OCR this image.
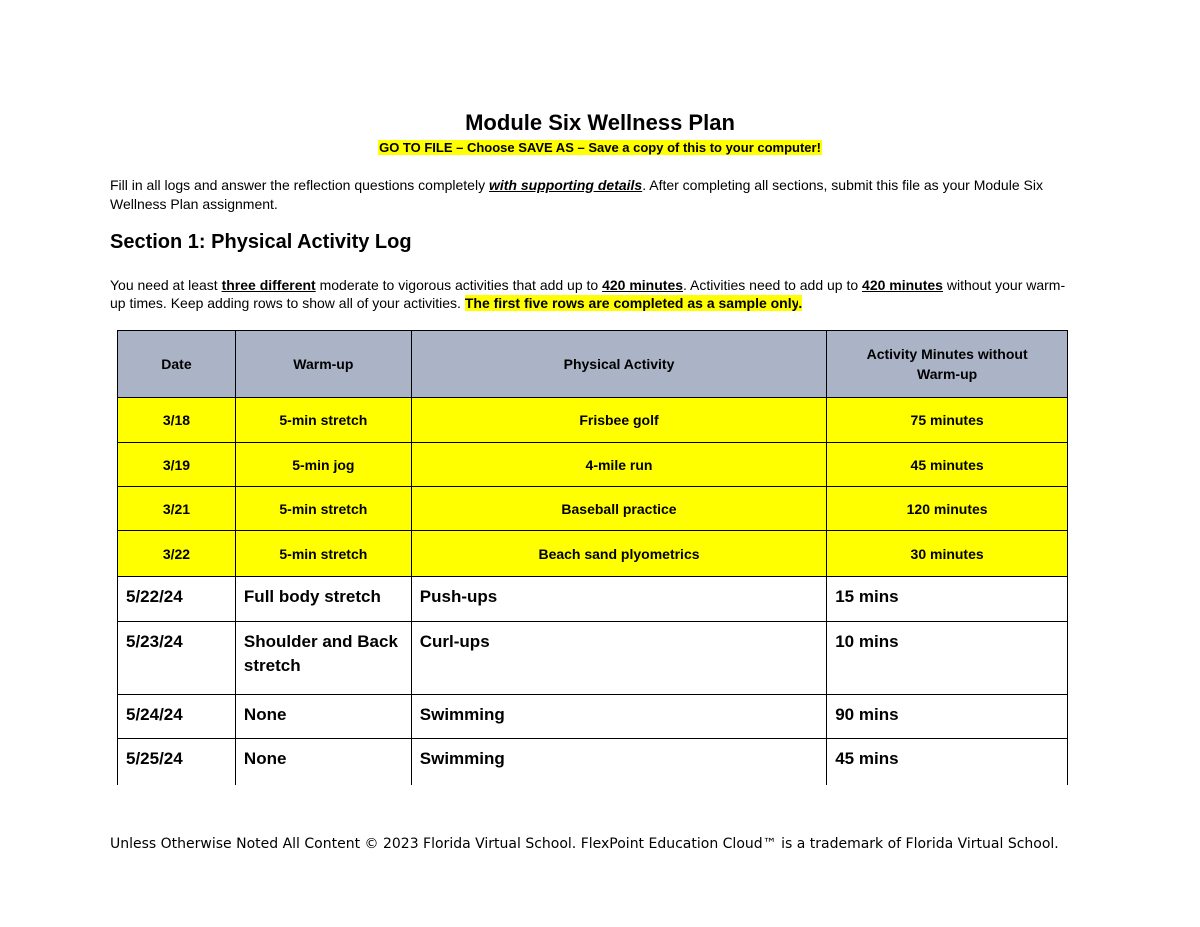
Module Six Wellness Plan
GO TO FILE – Choose SAVE AS – Save a copy of this to your computer!
Fill in all logs and answer the reflection questions completely with supporting details. After completing all sections, submit this file as your Module Six Wellness Plan assignment.
Section 1: Physical Activity Log
You need at least three different moderate to vigorous activities that add up to 420 minutes. Activities need to add up to 420 minutes without your warm-up times. Keep adding rows to show all of your activities. The first five rows are completed as a sample only.
Date	Warm-up	Physical Activity	Activity Minutes without Warm-up
3/18	5-min stretch	Frisbee golf	75 minutes
3/19	5-min jog	4-mile run	45 minutes
3/21	5-min stretch	Baseball practice	120 minutes
3/22	5-min stretch	Beach sand plyometrics	30 minutes
5/22/24	Full body stretch	Push-ups	15 mins
5/23/24	Shoulder and Back stretch	Curl-ups	10 mins
5/24/24	None	Swimming	90 mins
5/25/24	None	Swimming	45 mins
Unless Otherwise Noted All Content © 2023 Florida Virtual School. FlexPoint Education Cloud™ is a trademark of Florida Virtual School.
